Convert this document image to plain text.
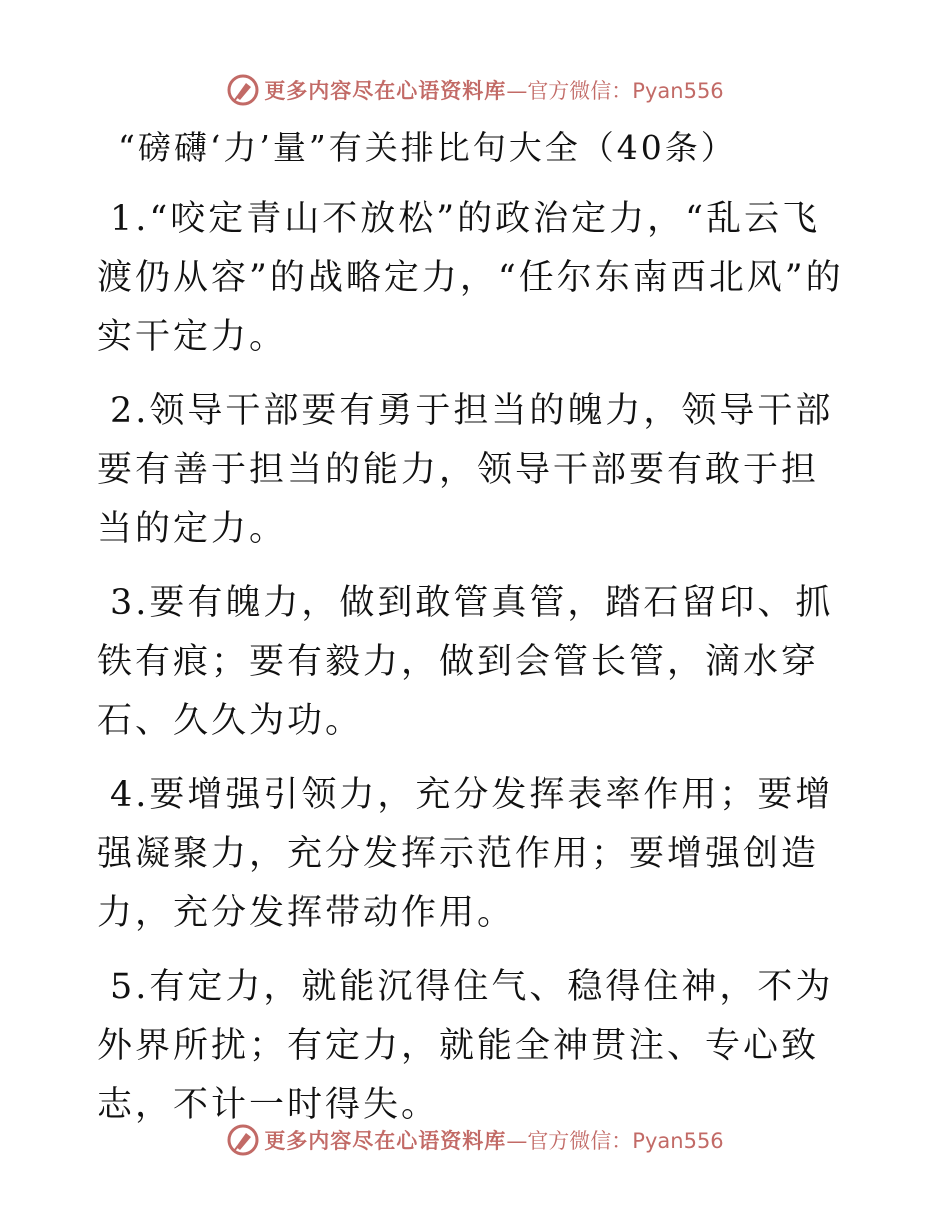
更多内容尽在心语资料库 —官方微信：Pyan556
“磅礴‘力’量”有关排比句大全（40条）

1.“咬定青山不放松”的政治定力，“乱云飞渡仍从容”的战略定力，“任尔东南西北风”的实干定力。

2.领导干部要有勇于担当的魄力，领导干部要有善于担当的能力，领导干部要有敢于担当的定力。

3.要有魄力，做到敢管真管，踏石留印、抓铁有痕；要有毅力，做到会管长管，滴水穿石、久久为功。

4.要增强引领力，充分发挥表率作用；要增强凝聚力，充分发挥示范作用；要增强创造力，充分发挥带动作用。

5.有定力，就能沉得住气、稳得住神，不为外界所扰；有定力，就能全神贯注、专心致志，不计一时得失。

更多内容尽在心语资料库 —官方微信：Pyan556
